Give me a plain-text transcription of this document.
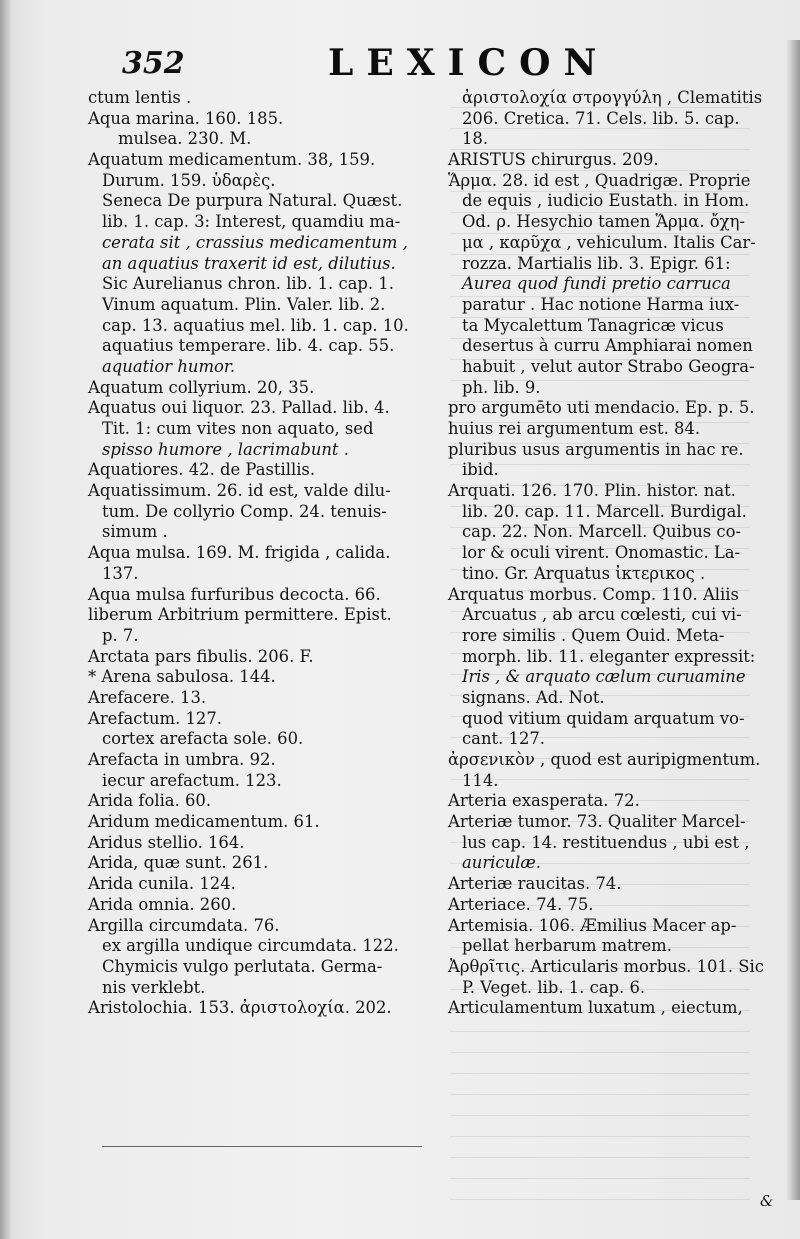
352	LEXICON
ctum lentis .
Aqua marina. 160. 185.
mulsea. 230. M.
Aquatum medicamentum. 38, 159.
Durum. 159. ὑδαρὲς.
Seneca De purpura Natural. Quæst.
lib. 1. cap. 3: Interest, quamdiu ma-
cerata sit , crassius medicamentum ,
an aquatius traxerit id est, dilutius.
Sic Aurelianus chron. lib. 1. cap. 1.
Vinum aquatum. Plin. Valer. lib. 2.
cap. 13. aquatius mel. lib. 1. cap. 10.
aquatius temperare. lib. 4. cap. 55.
aquatior humor.
Aquatum collyrium. 20, 35.
Aquatus oui liquor. 23. Pallad. lib. 4.
Tit. 1: cum vites non aquato, sed
spisso humore , lacrimabunt .
Aquatiores. 42. de Pastillis.
Aquatissimum. 26. id est, valde dilu-
tum. De collyrio Comp. 24. tenuis-
simum .
Aqua mulsa. 169. M. frigida , calida.
137.
Aqua mulsa furfuribus decocta. 66.
liberum Arbitrium permittere. Epist.
p. 7.
Arctata pars fibulis. 206. F.
* Arena sabulosa. 144.
Arefacere. 13.
Arefactum. 127.
cortex arefacta sole. 60.
Arefacta in umbra. 92.
iecur arefactum. 123.
Arida folia. 60.
Aridum medicamentum. 61.
Aridus stellio. 164.
Arida, quæ sunt. 261.
Arida cunila. 124.
Arida omnia. 260.
Argilla circumdata. 76.
ex argilla undique circumdata. 122.
Chymicis vulgo perlutata. Germa-
nis verklebt.
Aristolochia. 153. ἀριστολοχία. 202.
ἀριστολοχία στρογγύλη , Clematitis
206. Cretica. 71. Cels. lib. 5. cap.
18.
ARISTUS chirurgus. 209.
Ἅρμα. 28. id est , Quadrigæ. Proprie
de equis , iudicio Eustath. in Hom.
Od. ρ. Hesychio tamen Ἅρμα. ὄχη-
μα , καρῦχα , vehiculum. Italis Car-
rozza. Martialis lib. 3. Epigr. 61:
Aurea quod fundi pretio carruca
paratur . Hac notione Harma iux-
ta Mycalettum Tanagricæ vicus
desertus à curru Amphiarai nomen
habuit , velut autor Strabo Geogra-
ph. lib. 9.
pro argumēto uti mendacio. Ep. p. 5.
huius rei argumentum est. 84.
pluribus usus argumentis in hac re.
ibid.
Arquati. 126. 170. Plin. histor. nat.
lib. 20. cap. 11. Marcell. Burdigal.
cap. 22. Non. Marcell. Quibus co-
lor & oculi virent. Onomastic. La-
tino. Gr. Arquatus ἰκτερικος .
Arquatus morbus. Comp. 110. Aliis
Arcuatus , ab arcu cœlesti, cui vi-
rore similis . Quem Ouid. Meta-
morph. lib. 11. eleganter expressit:
Iris , & arquato cælum curuamine
signans. Ad. Not.
quod vitium quidam arquatum vo-
cant. 127.
ἀρσενικὸν , quod est auripigmentum.
114.
Arteria exasperata. 72.
Arteriæ tumor. 73. Qualiter Marcel-
lus cap. 14. restituendus , ubi est ,
auriculæ.
Arteriæ raucitas. 74.
Arteriace. 74. 75.
Artemisia. 106. Æmilius Macer ap-
pellat herbarum matrem.
Ἀρθρῖτις. Articularis morbus. 101. Sic
P. Veget. lib. 1. cap. 6.
Articulamentum luxatum , eiectum,
&
